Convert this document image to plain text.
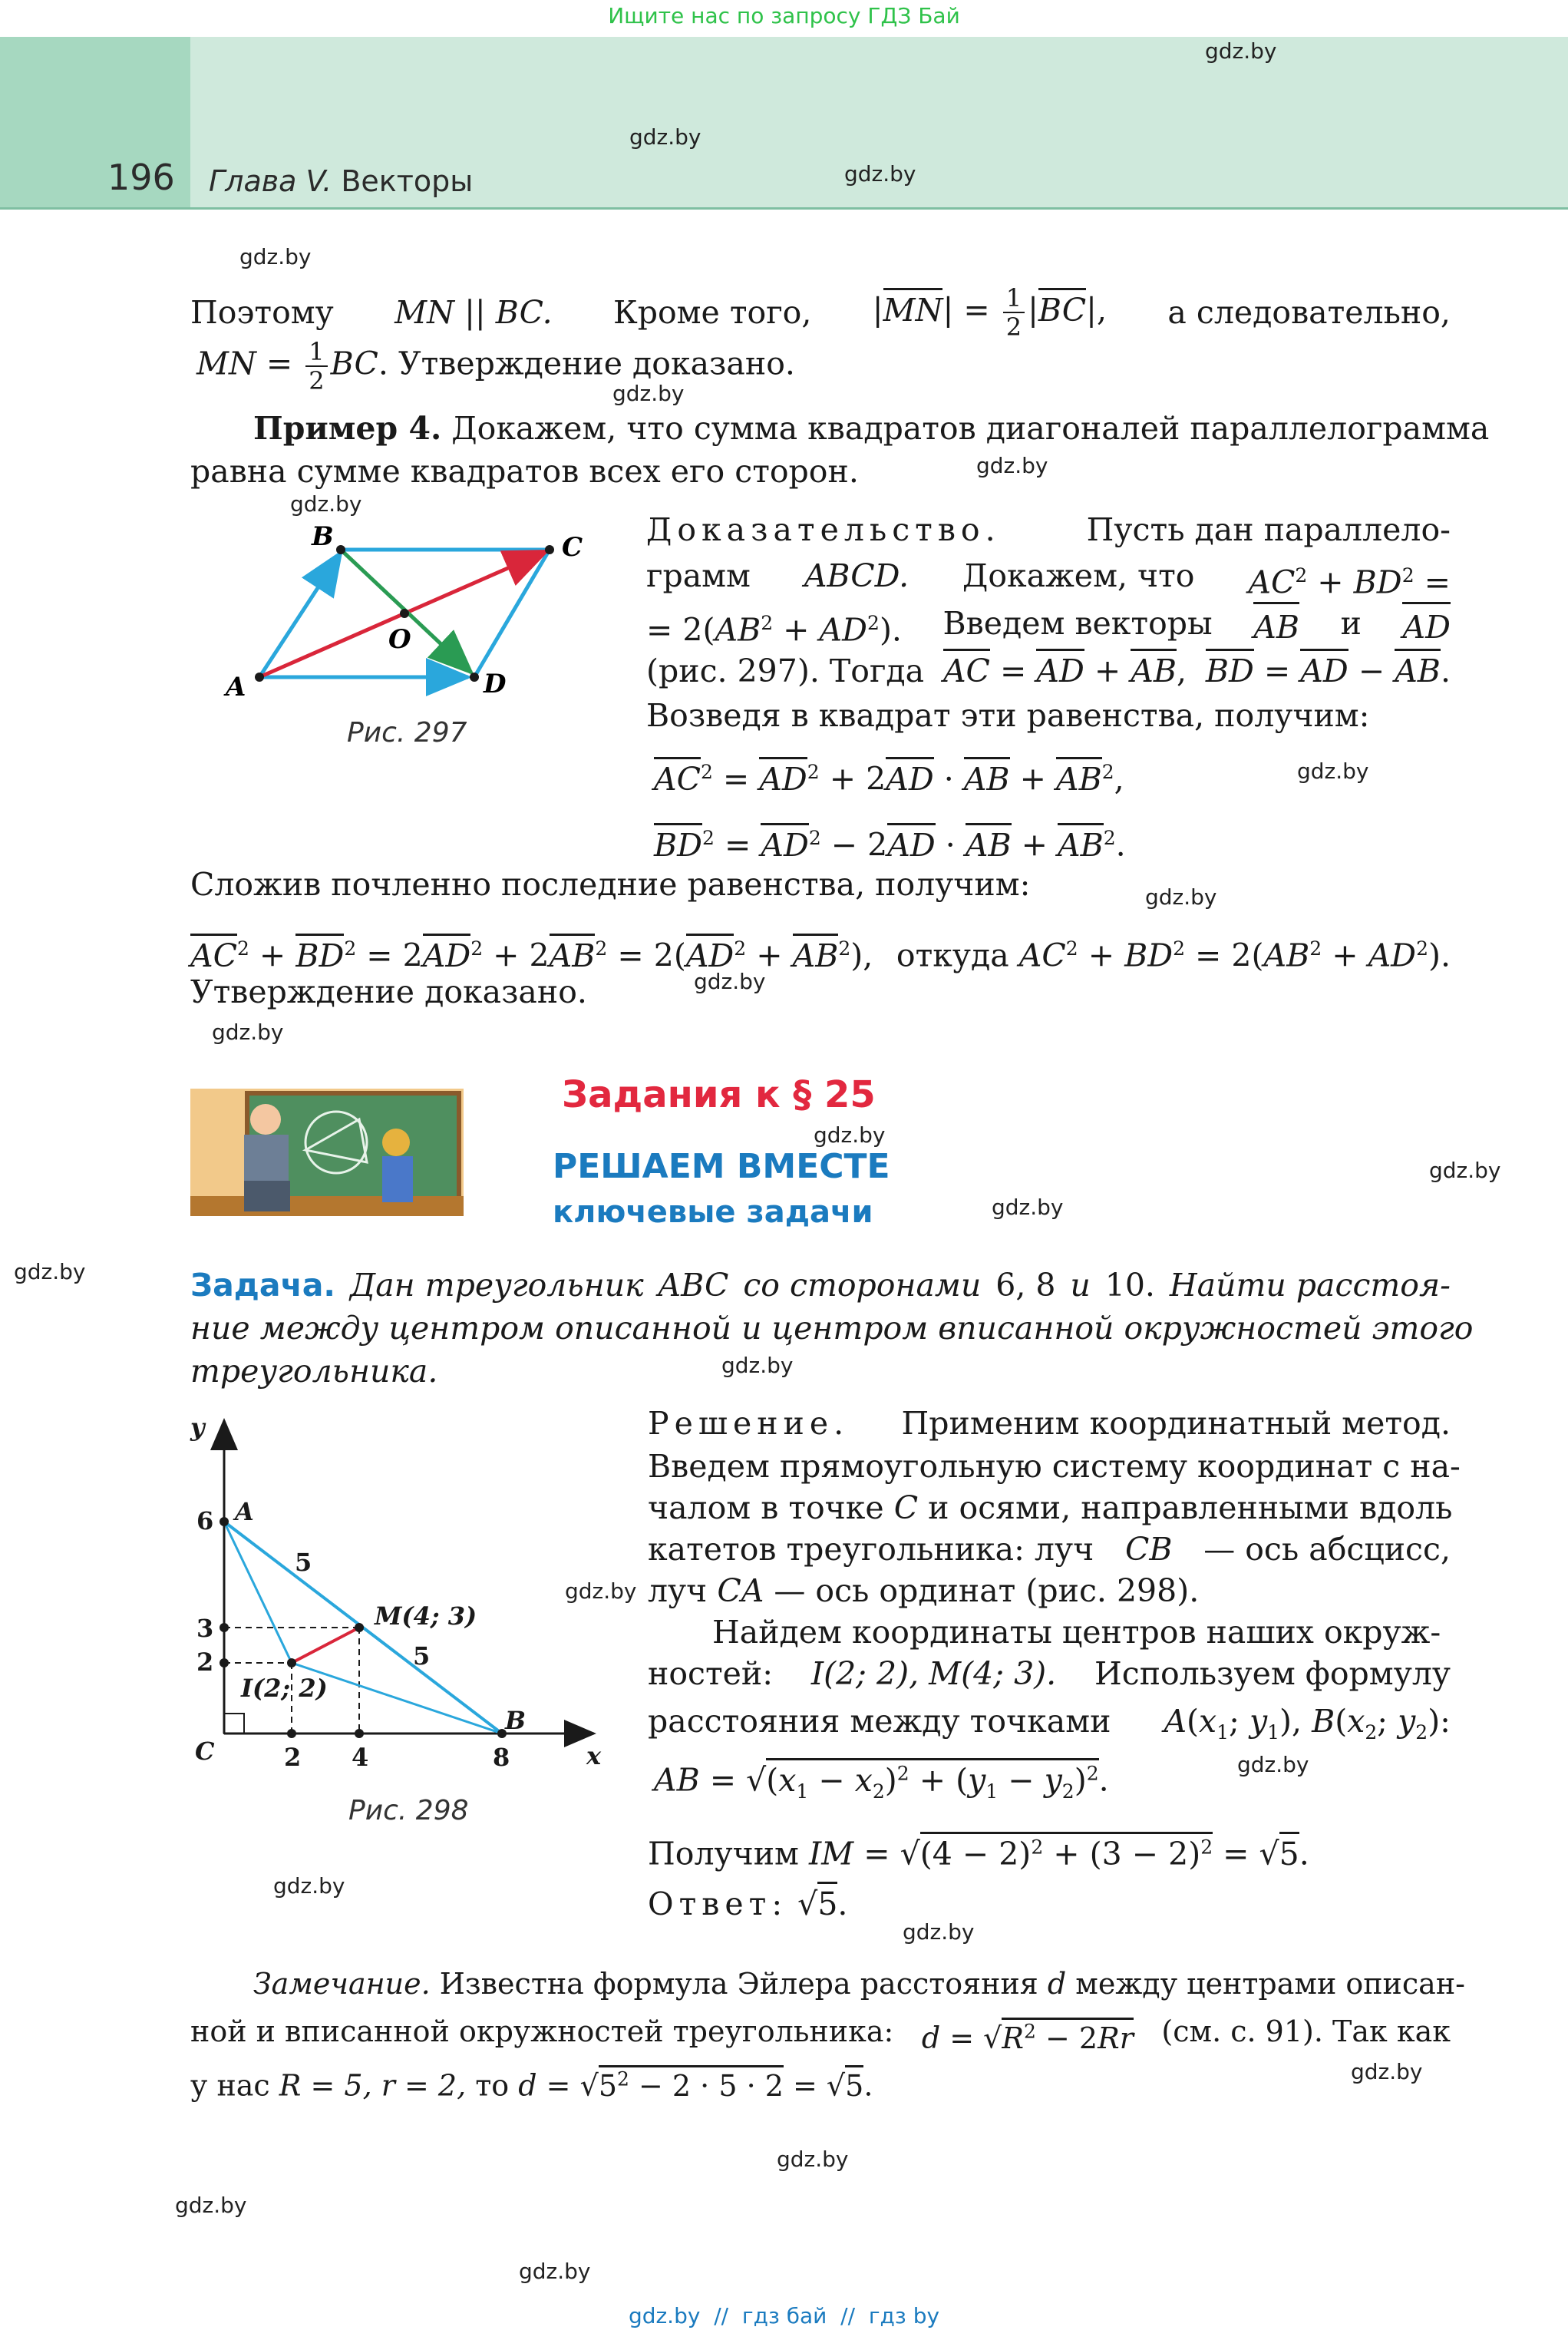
Ищите нас по запросу ГДЗ Бай
196 Глава V. Векторы
gdz.by
gdz.by
gdz.by
gdz.by
gdz.by
gdz.by
gdz.by
gdz.by
gdz.by
gdz.by
gdz.by
gdz.by
gdz.by
gdz.by
gdz.by
gdz.by
gdz.by
gdz.by
gdz.by
gdz.by
gdz.by
gdz.by
gdz.by
gdz.by
Поэтому MN || BC. Кроме того, $|MN| = \frac{1}{2} |BC|$, а следовательно,
MN = $\frac{1}{2}$ BC. Утверждение доказано.
Пример 4. Докажем, что сумма квадратов диагоналей параллелограмма
равна сумме квадратов всех его сторон.
A
B	C
D
O
Рис. 297
Доказательство.	Пусть дан параллело-
грамм ABCD. Докажем, что $AC^2 + BD^2$ =
= $2(AB^2 + AD^2)$. Введем векторы AB и AD
(рис. 297). Тогда AC = AD + AB, BD = AD − AB.
Возведя в квадрат эти равенства, получим:
$AC^2 = AD^2 + 2AD$ · AB + $AB^2$,
$BD^2 = AD^2 - 2AD$ · AB + $AB^2$.
Сложив почленно последние равенства, получим:
$AC^2 + BD^2 = 2AD^2 + 2AB^2 = 2(AD^2 + AB^2)$, откуда $AC^2 + BD^2 = 2(AB^2 + AD^2)$.
Утверждение доказано.
Задания к § 25
РЕШАЕМ ВМЕСТЕ
ключевые задачи
Задача. Дан треугольник ABC со сторонами 6, 8 и 10. Найти расстоя-
ние между центром описанной и центром вписанной окружностей этого
треугольника.
y
x
6
3
2
C	2 4	8
A
B
M(4; 3)
I(2; 2)
5
5
Рис. 298
Решение. Применим координатный метод.
Введем прямоугольную систему координат с на-
чалом в точке C и осями, направленными вдоль
катетов треугольника: луч CB — ось абсцисс,
луч CA — ось ординат (рис. 298).
Найдем координаты центров наших окруж-
ностей: I(2; 2), M(4; 3). Используем формулу
расстояния между точками $A(x_1$; $y_1$), $B(x_2$; $y_2$):
AB = $√(x_1 - x_2)^2 + (y_1 - y_2)^2$.
Получим IM = $√(4 - 2)^2 + (3 - 2)^2 = √5$.
Ответ: √5.
Замечание. Известна формула Эйлера расстояния d между центрами описан-
ной и вписанной окружностей треугольника: $d = √R^2 - 2Rr$ (см. с. 91). Так как
у нас R = 5, r = 2, то $d = √5^2 - 2 \cdot 5 \cdot 2 = √5$.
gdz.by  //  гдз бай  //  гдз by
